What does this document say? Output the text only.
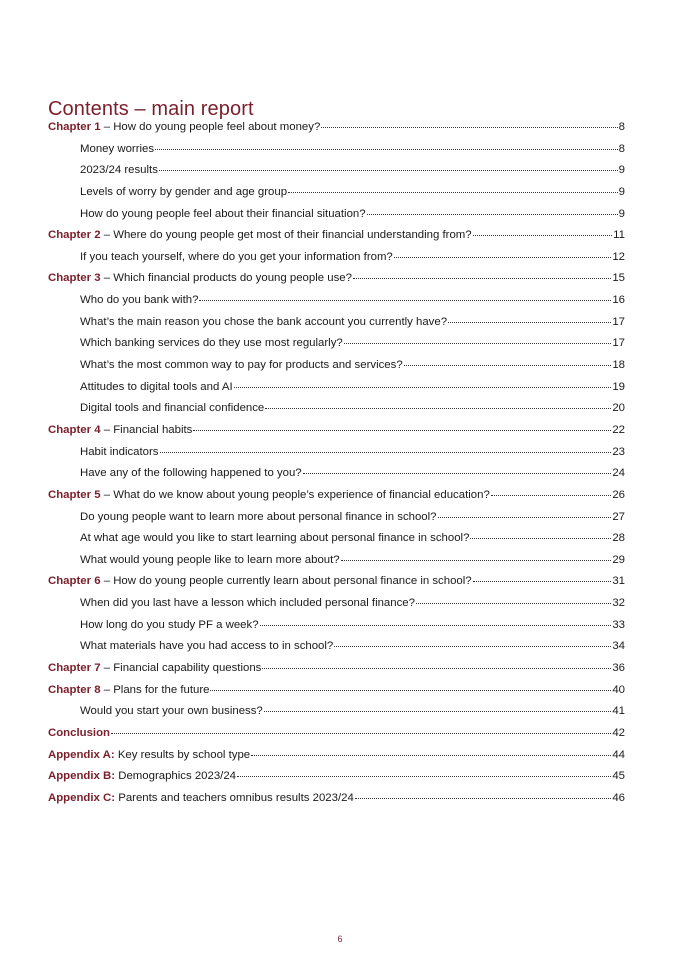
Contents – main report
Chapter 1 – How do young people feel about money?	8
Money worries	8
2023/24 results	9
Levels of worry by gender and age group	9
How do young people feel about their financial situation?	9
Chapter 2 – Where do young people get most of their financial understanding from?	11
If you teach yourself, where do you get your information from?	12
Chapter 3 – Which financial products do young people use?	15
Who do you bank with?	16
What’s the main reason you chose the bank account you currently have?	17
Which banking services do they use most regularly?	17
What’s the most common way to pay for products and services?	18
Attitudes to digital tools and AI	19
Digital tools and financial confidence	20
Chapter 4 – Financial habits	22
Habit indicators	23
Have any of the following happened to you?	24
Chapter 5 – What do we know about young people’s experience of financial education?	26
Do young people want to learn more about personal finance in school?	27
At what age would you like to start learning about personal finance in school?	28
What would young people like to learn more about?	29
Chapter 6 – How do young people currently learn about personal finance in school?	31
When did you last have a lesson which included personal finance?	32
How long do you study PF a week?	33
What materials have you had access to in school?	34
Chapter 7 – Financial capability questions	36
Chapter 8 – Plans for the future	40
Would you start your own business?	41
Conclusion	42
Appendix A: Key results by school type	44
Appendix B: Demographics 2023/24	45
Appendix C: Parents and teachers omnibus results 2023/24	46
6
